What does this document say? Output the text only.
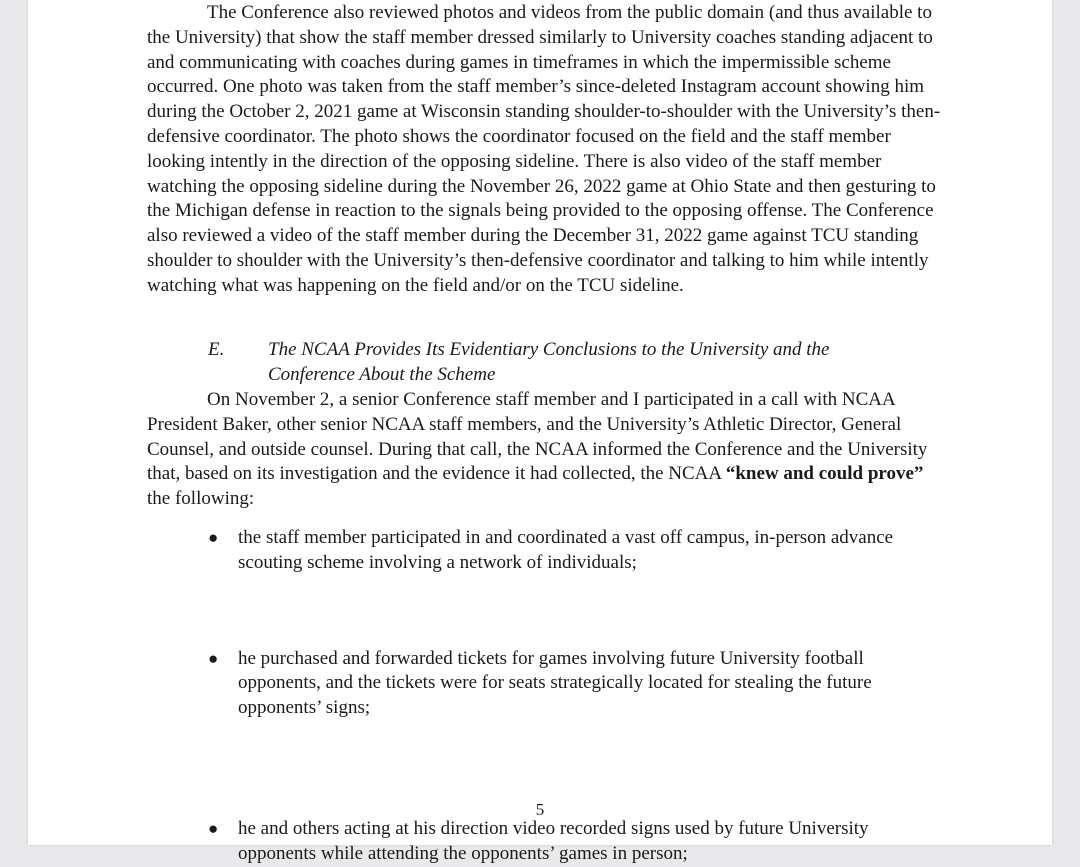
The Conference also reviewed photos and videos from the public domain (and thus available to the University) that show the staff member dressed similarly to University coaches standing adjacent to and communicating with coaches during games in timeframes in which the impermissible scheme occurred. One photo was taken from the staff member’s since-deleted Instagram account showing him during the October 2, 2021 game at Wisconsin standing shoulder-to-shoulder with the University’s then-defensive coordinator. The photo shows the coordinator focused on the field and the staff member looking intently in the direction of the opposing sideline. There is also video of the staff member watching the opposing sideline during the November 26, 2022 game at Ohio State and then gesturing to the Michigan defense in reaction to the signals being provided to the opposing offense. The Conference also reviewed a video of the staff member during the December 31, 2022 game against TCU standing shoulder to shoulder with the University’s then-defensive coordinator and talking to him while intently watching what was happening on the field and/or on the TCU sideline.

E. The NCAA Provides Its Evidentiary Conclusions to the University and the Conference About the Scheme

On November 2, a senior Conference staff member and I participated in a call with NCAA President Baker, other senior NCAA staff members, and the University’s Athletic Director, General Counsel, and outside counsel. During that call, the NCAA informed the Conference and the University that, based on its investigation and the evidence it had collected, the NCAA “knew and could prove” the following:

● the staff member participated in and coordinated a vast off campus, in-person advance scouting scheme involving a network of individuals;
● he purchased and forwarded tickets for games involving future University football opponents, and the tickets were for seats strategically located for stealing the future opponents’ signs;
● he and others acting at his direction video recorded signs used by future University opponents while attending the opponents’ games in person;
5
